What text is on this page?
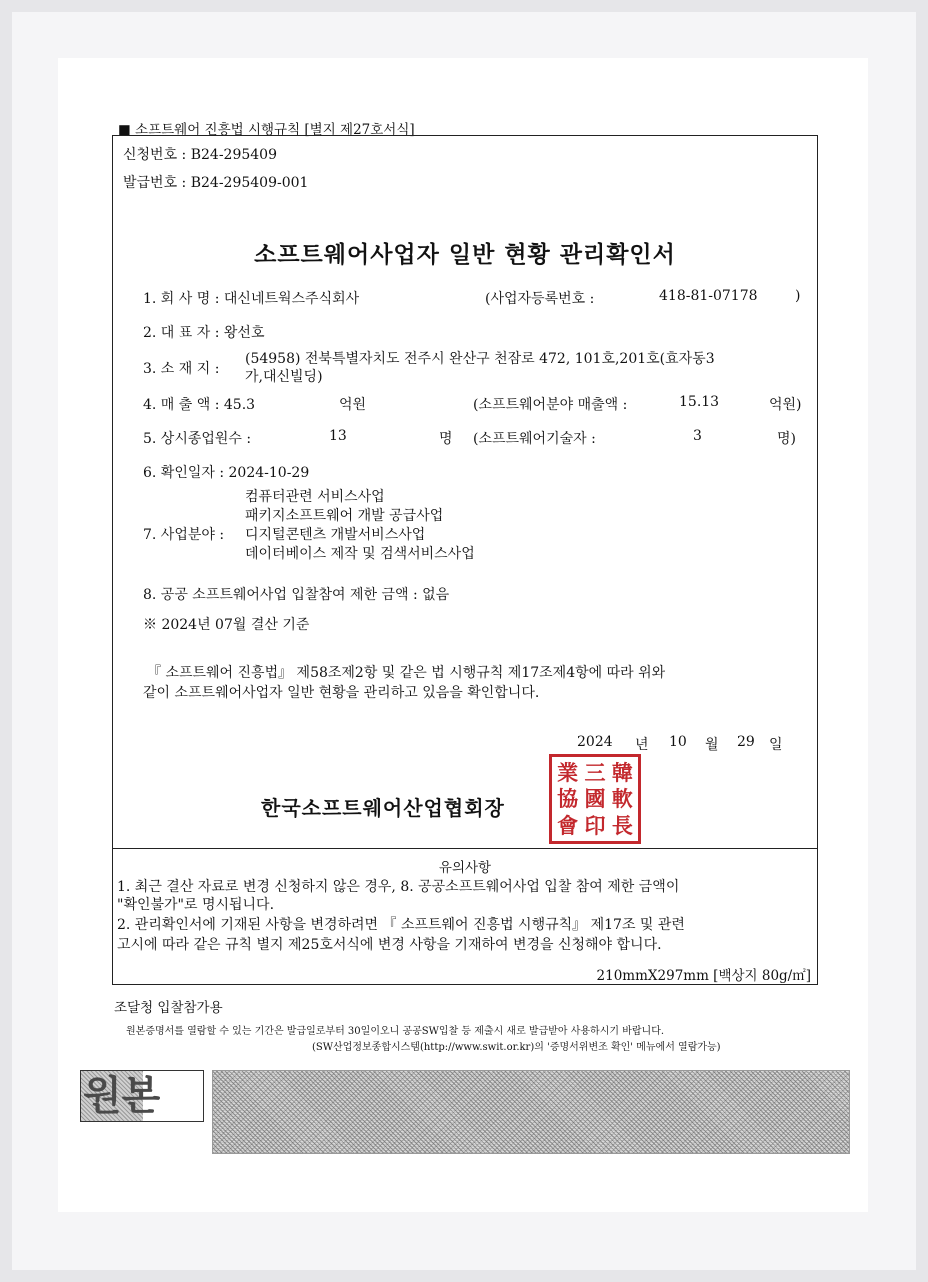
■ 소프트웨어 진흥법 시행규칙 [별지 제27호서식]
신청번호 : B24-295409
발급번호 : B24-295409-001
소프트웨어사업자 일반 현황 관리확인서
1. 회 사 명 : 대신네트웍스주식회사	(사업자등록번호 :	418-81-07178	)
2. 대 표 자 : 왕선호
3. 소 재 지 :
(54958) 전북특별자치도 전주시 완산구 천잠로 472, 101호,201호(효자동3
가,대신빌딩)
4. 매 출 액 : 45.3	억원	(소프트웨어분야 매출액 :	15.13	억원)
5. 상시종업원수 :	13	명 (소프트웨어기술자 :	3	명)
6. 확인일자 : 2024-10-29
7. 사업분야 :
컴퓨터관련 서비스사업
패키지소프트웨어 개발 공급사업
디지털콘텐츠 개발서비스사업
데이터베이스 제작 및 검색서비스사업
8. 공공 소프트웨어사업 입찰참여 제한 금액 : 없음
※ 2024년 07월 결산 기준
『 소프트웨어 진흥법』 제58조제2항 및 같은 법 시행규칙 제17조제4항에 따라 위와
같이 소프트웨어사업자 일반 현황을 관리하고 있음을 확인합니다.
2024 년 10 월 29 일
한국소프트웨어산업협회장
業 三 韓
協 國 軟
會 印 長
유의사항
1. 최근 결산 자료로 변경 신청하지 않은 경우, 8. 공공소프트웨어사업 입찰 참여 제한 금액이
"확인불가"로 명시됩니다.
2. 관리확인서에 기재된 사항을 변경하려면 『 소프트웨어 진흥법 시행규칙』 제17조 및 관련
고시에 따라 같은 규칙 별지 제25호서식에 변경 사항을 기재하여 변경을 신청해야 합니다.
210mmX297mm [백상지 80g/㎡]
조달청 입찰참가용
원본증명서를 열람할 수 있는 기간은 발급일로부터 30일이오니 공공SW입찰 등 제출시 새로 발급받아 사용하시기 바랍니다.
(SW산업정보종합시스템(http://www.swit.or.kr)의 '증명서위변조 확인' 메뉴에서 열람가능)
원본
